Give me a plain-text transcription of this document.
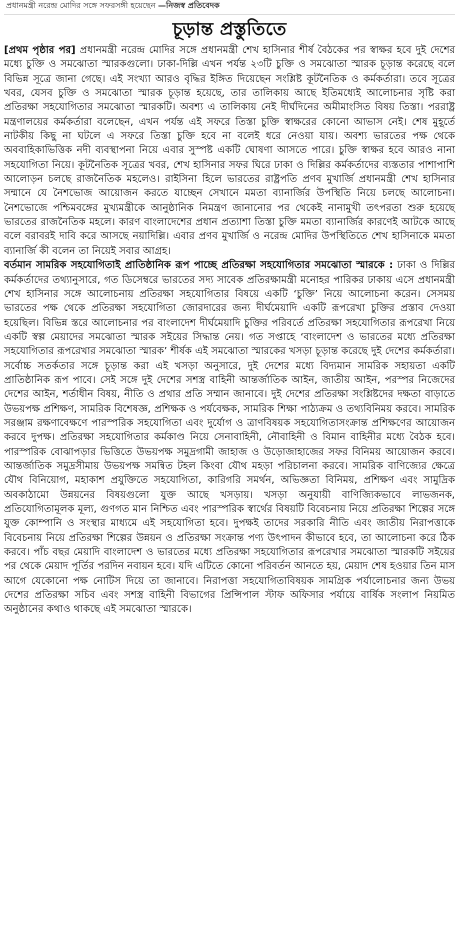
প্রধানমন্ত্রী নরেন্দ্র মোদির সঙ্গে সফরসঙ্গী হয়েছেন —নিজস্ব প্রতিবেদক
চূড়ান্ত প্রস্তুতিতে

[প্রথম পৃষ্ঠার পর] প্রধানমন্ত্রী নরেন্দ্র মোদির সঙ্গে প্রধানমন্ত্রী শেখ হাসিনার শীর্ষ বৈঠকের পর স্বাক্ষর হবে দুই দেশের মধ্যে চুক্তি ও সমঝোতা স্মারকগুলো। ঢাকা-দিল্লি এখন পর্যন্ত ২৩টি চুক্তি ও সমঝোতা স্মারক চূড়ান্ত করেছে বলে বিভিন্ন সূত্রে জানা গেছে। এই সংখ্যা আরও বৃদ্ধির ইঙ্গিত দিয়েছেন সংশ্লিষ্ট কূটনৈতিক ও কর্মকর্তারা। তবে সূত্রের খবর, যেসব চুক্তি ও সমঝোতা স্মারক চূড়ান্ত হয়েছে, তার তালিকায় আছে ইতিমধ্যেই আলোচনার সৃষ্টি করা প্রতিরক্ষা সহযোগিতার সমঝোতা স্মারকটি। অবশ্য এ তালিকায় নেই দীর্ঘদিনের অমীমাংসিত বিষয় তিস্তা। পররাষ্ট্র মন্ত্রণালয়ের কর্মকর্তারা বলেছেন, এখন পর্যন্ত এই সফরে তিস্তা চুক্তি স্বাক্ষরের কোনো আভাস নেই। শেষ মুহূর্তে নাটকীয় কিছু না ঘটলে এ সফরে তিস্তা চুক্তি হবে না বলেই ধরে নেওয়া যায়। অবশ্য ভারতের পক্ষ থেকে অববাহিকাভিত্তিক নদী ব্যবস্থাপনা নিয়ে এবার সুস্পষ্ট একটি ঘোষণা আসতে পারে। চুক্তি স্বাক্ষর হবে আরও নানা সহযোগিতা নিয়ে। কূটনৈতিক সূত্রের খবর, শেখ হাসিনার সফর ঘিরে ঢাকা ও দিল্লির কর্মকর্তাদের ব্যস্ততার পাশাপাশি আলোড়ন চলছে রাজনৈতিক মহলেও। রাইসিনা হিলে ভারতের রাষ্ট্রপতি প্রণব মুখার্জি প্রধানমন্ত্রী শেখ হাসিনার সম্মানে যে নৈশভোজ আয়োজন করতে যাচ্ছেন সেখানে মমতা ব্যানার্জির উপস্থিতি নিয়ে চলছে আলোচনা। নৈশভোজে পশ্চিমবঙ্গের মুখ্যমন্ত্রীকে আনুষ্ঠানিক নিমন্ত্রণ জানানোর পর থেকেই নানামুখী তৎপরতা শুরু হয়েছে ভারতের রাজনৈতিক মহলে। কারণ বাংলাদেশের প্রধান প্রত্যাশা তিস্তা চুক্তি মমতা ব্যানার্জির কারণেই আটকে আছে বলে বরাবরই দাবি করে আসছে নয়াদিল্লি। এবার প্রণব মুখার্জি ও নরেন্দ্র মোদির উপস্থিতিতে শেখ হাসিনাকে মমতা ব্যানার্জি কী বলেন তা নিয়েই সবার আগ্রহ।

বর্তমান সামরিক সহযোগিতাই প্রাতিষ্ঠানিক রূপ পাচ্ছে প্রতিরক্ষা সহযোগিতার সমঝোতা স্মারকে : ঢাকা ও দিল্লির কর্মকর্তাদের তথ্যানুসারে, গত ডিসেম্বরে ভারতের সদ্য সাবেক প্রতিরক্ষামন্ত্রী মনোহর পারিকর ঢাকায় এসে প্রধানমন্ত্রী শেখ হাসিনার সঙ্গে আলোচনায় প্রতিরক্ষা সহযোগিতার বিষয়ে একটি ‘চুক্তি’ নিয়ে আলোচনা করেন। সেসময় ভারতের পক্ষ থেকে প্রতিরক্ষা সহযোগিতা জোরদারের জন্য দীর্ঘমেয়াদি একটি রূপরেখা চুক্তির প্রস্তাব দেওয়া হয়েছিল। বিভিন্ন স্তরে আলোচনার পর বাংলাদেশ দীর্ঘমেয়াদি চুক্তির পরিবর্তে প্রতিরক্ষা সহযোগিতার রূপরেখা নিয়ে একটি স্বল্প মেয়াদের সমঝোতা স্মারক সইয়ের সিদ্ধান্ত নেয়। গত সপ্তাহে ‘বাংলাদেশ ও ভারতের মধ্যে প্রতিরক্ষা সহযোগিতার রূপরেখার সমঝোতা স্মারক’ শীর্ষক এই সমঝোতা স্মারকের খসড়া চূড়ান্ত করেছে দুই দেশের কর্মকর্তারা। সর্বোচ্চ সতর্কতার সঙ্গে চূড়ান্ত করা এই খসড়া অনুসারে, দুই দেশের মধ্যে বিদ্যমান সামরিক সহায়তা একটি প্রাতিষ্ঠানিক রূপ পাবে। সেই সঙ্গে দুই দেশের সশস্ত্র বাহিনী আন্তর্জাতিক আইন, জাতীয় আইন, পরস্পর নিজেদের দেশের আইন, শর্তাধীন বিষয়, নীতি ও প্রথার প্রতি সম্মান জানাবে। দুই দেশের প্রতিরক্ষা সংশ্লিষ্টদের দক্ষতা বাড়াতে উভয়পক্ষ প্রশিক্ষণ, সামরিক বিশেষজ্ঞ, প্রশিক্ষক ও পর্যবেক্ষক, সামরিক শিক্ষা পাঠ্যক্রম ও তথ্যবিনিময় করবে। সামরিক সরঞ্জাম রক্ষণাবেক্ষণে পারস্পরিক সহযোগিতা এবং দুর্যোগ ও ত্রাণবিষয়ক সহযোগিতাসংক্রান্ত প্রশিক্ষণের আয়োজন করবে দুপক্ষ। প্রতিরক্ষা সহযোগিতার কর্মকাণ্ড নিয়ে সেনাবাহিনী, নৌবাহিনী ও বিমান বাহিনীর মধ্যে বৈঠক হবে। পারস্পরিক বোঝাপড়ার ভিত্তিতে উভয়পক্ষ সমুদ্রগামী জাহাজ ও উড়োজাহাজের সফর বিনিময় আয়োজন করবে। আন্তর্জাতিক সমুদ্রসীমায় উভয়পক্ষ সমন্বিত টহল কিংবা যৌথ মহড়া পরিচালনা করবে। সামরিক বাণিজ্যের ক্ষেত্রে যৌথ বিনিয়োগ, মহাকাশ প্রযুক্তিতে সহযোগিতা, কারিগরি সমর্থন, অভিজ্ঞতা বিনিময়, প্রশিক্ষণ এবং সামুদ্রিক অবকাঠামো উন্নয়নের বিষয়গুলো যুক্ত আছে খসড়ায়। খসড়া অনুযায়ী বাণিজ্যিকভাবে লাভজনক, প্রতিযোগিতামূলক মূল্য, গুণগত মান নিশ্চিত এবং পারস্পরিক স্বার্থের বিষয়টি বিবেচনায় নিয়ে প্রতিরক্ষা শিল্পের সঙ্গে যুক্ত কোম্পানি ও সংস্থার মাধ্যমে এই সহযোগিতা হবে। দুপক্ষই তাদের সরকারি নীতি এবং জাতীয় নিরাপত্তাকে বিবেচনায় নিয়ে প্রতিরক্ষা শিল্পের উন্নয়ন ও প্রতিরক্ষা সংক্রান্ত পণ্য উৎপাদন কীভাবে হবে, তা আলোচনা করে ঠিক করবে। পাঁচ বছর মেয়াদি বাংলাদেশ ও ভারতের মধ্যে প্রতিরক্ষা সহযোগিতার রূপরেখার সমঝোতা স্মারকটি সইয়ের পর থেকে মেয়াদ পূর্তির পরদিন নবায়ন হবে। যদি এটিতে কোনো পরিবর্তন আনতে হয়, মেয়াদ শেষ হওয়ার তিন মাস আগে যেকোনো পক্ষ নোটিস দিয়ে তা জানাবে। নিরাপত্তা সহযোগিতাবিষয়ক সামগ্রিক পর্যালোচনার জন্য উভয় দেশের প্রতিরক্ষা সচিব এবং সশস্ত্র বাহিনী বিভাগের প্রিন্সিপাল স্টাফ অফিসার পর্যায়ে বার্ষিক সংলাপ নিয়মিত অনুষ্ঠানের কথাও থাকছে এই সমঝোতা স্মারকে।
